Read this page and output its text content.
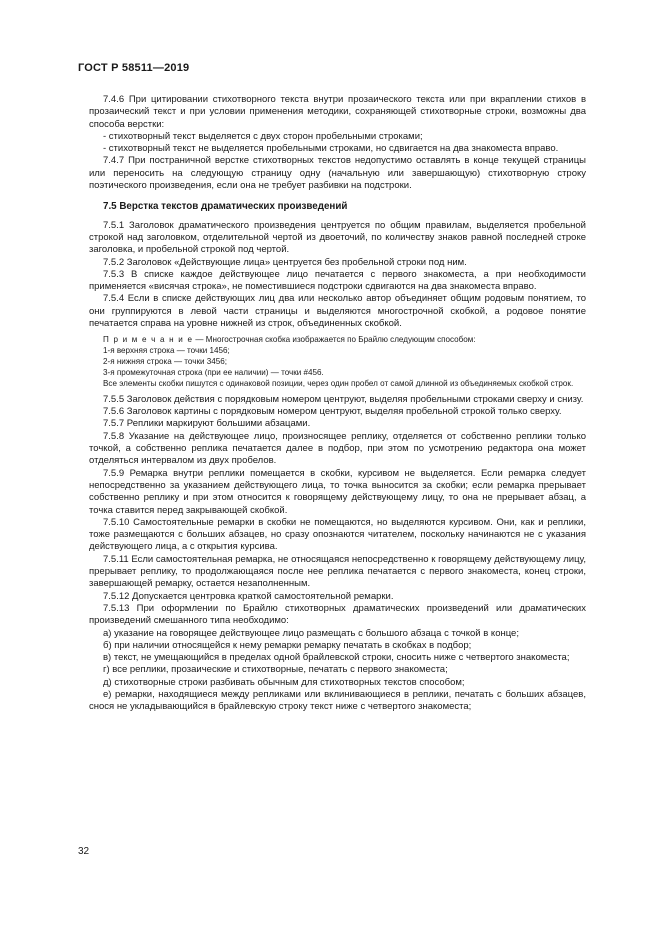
ГОСТ Р 58511—2019

7.4.6 При цитировании стихотворного текста внутри прозаического текста или при вкраплении стихов в прозаический текст и при условии применения методики, сохраняющей стихотворные строки, возможны два способа верстки:

- стихотворный текст выделяется с двух сторон пробельными строками;

- стихотворный текст не выделяется пробельными строками, но сдвигается на два знакоместа вправо.

7.4.7 При постраничной верстке стихотворных текстов недопустимо оставлять в конце текущей страницы или переносить на следующую страницу одну (начальную или завершающую) стихотворную строку поэтического произведения, если она не требует разбивки на подстроки.

7.5 Верстка текстов драматических произведений

7.5.1 Заголовок драматического произведения центруется по общим правилам, выделяется пробельной строкой над заголовком, отделительной чертой из двоеточий, по количеству знаков равной последней строке заголовка, и пробельной строкой под чертой.

7.5.2 Заголовок «Действующие лица» центруется без пробельной строки под ним.

7.5.3 В списке каждое действующее лицо печатается с первого знакоместа, а при необходимости применяется «висячая строка», не поместившиеся подстроки сдвигаются на два знакоместа вправо.

7.5.4 Если в списке действующих лиц два или несколько автор объединяет общим родовым понятием, то они группируются в левой части страницы и выделяются многострочной скобкой, а родовое понятие печатается справа на уровне нижней из строк, объединенных скобкой.

П р и м е ч а н и е — Многострочная скобка изображается по Брайлю следующим способом:

1-я верхняя строка — точки 1456;

2-я нижняя строка — точки 3456;

3-я промежуточная строка (при ее наличии) — точки #456.

Все элементы скобки пишутся с одинаковой позиции, через один пробел от самой длинной из объединяемых скобкой строк.

7.5.5 Заголовок действия с порядковым номером центруют, выделяя пробельными строками сверху и снизу.

7.5.6 Заголовок картины с порядковым номером центруют, выделяя пробельной строкой только сверху.

7.5.7 Реплики маркируют большими абзацами.

7.5.8 Указание на действующее лицо, произносящее реплику, отделяется от собственно реплики только точкой, а собственно реплика печатается далее в подбор, при этом по усмотрению редактора она может отделяться интервалом из двух пробелов.

7.5.9 Ремарка внутри реплики помещается в скобки, курсивом не выделяется. Если ремарка следует непосредственно за указанием действующего лица, то точка выносится за скобки; если ремарка прерывает собственно реплику и при этом относится к говорящему действующему лицу, то она не прерывает абзац, а точка ставится перед закрывающей скобкой.

7.5.10 Самостоятельные ремарки в скобки не помещаются, но выделяются курсивом. Они, как и реплики, тоже размещаются с больших абзацев, но сразу опознаются читателем, поскольку начинаются не с указания действующего лица, а с открытия курсива.

7.5.11 Если самостоятельная ремарка, не относящаяся непосредственно к говорящему действующему лицу, прерывает реплику, то продолжающаяся после нее реплика печатается с первого знакоместа, конец строки, завершающей ремарку, остается незаполненным.

7.5.12 Допускается центровка краткой самостоятельной ремарки.

7.5.13 При оформлении по Брайлю стихотворных драматических произведений или драматических произведений смешанного типа необходимо:

а) указание на говорящее действующее лицо размещать с большого абзаца с точкой в конце;

б) при наличии относящейся к нему ремарки ремарку печатать в скобках в подбор;

в) текст, не умещающийся в пределах одной брайлевской строки, сносить ниже с четвертого знакоместа;

г) все реплики, прозаические и стихотворные, печатать с первого знакоместа;

д) стихотворные строки разбивать обычным для стихотворных текстов способом;

е) ремарки, находящиеся между репликами или вклинивающиеся в реплики, печатать с больших абзацев, снося не укладывающийся в брайлевскую строку текст ниже с четвертого знакоместа;

32
